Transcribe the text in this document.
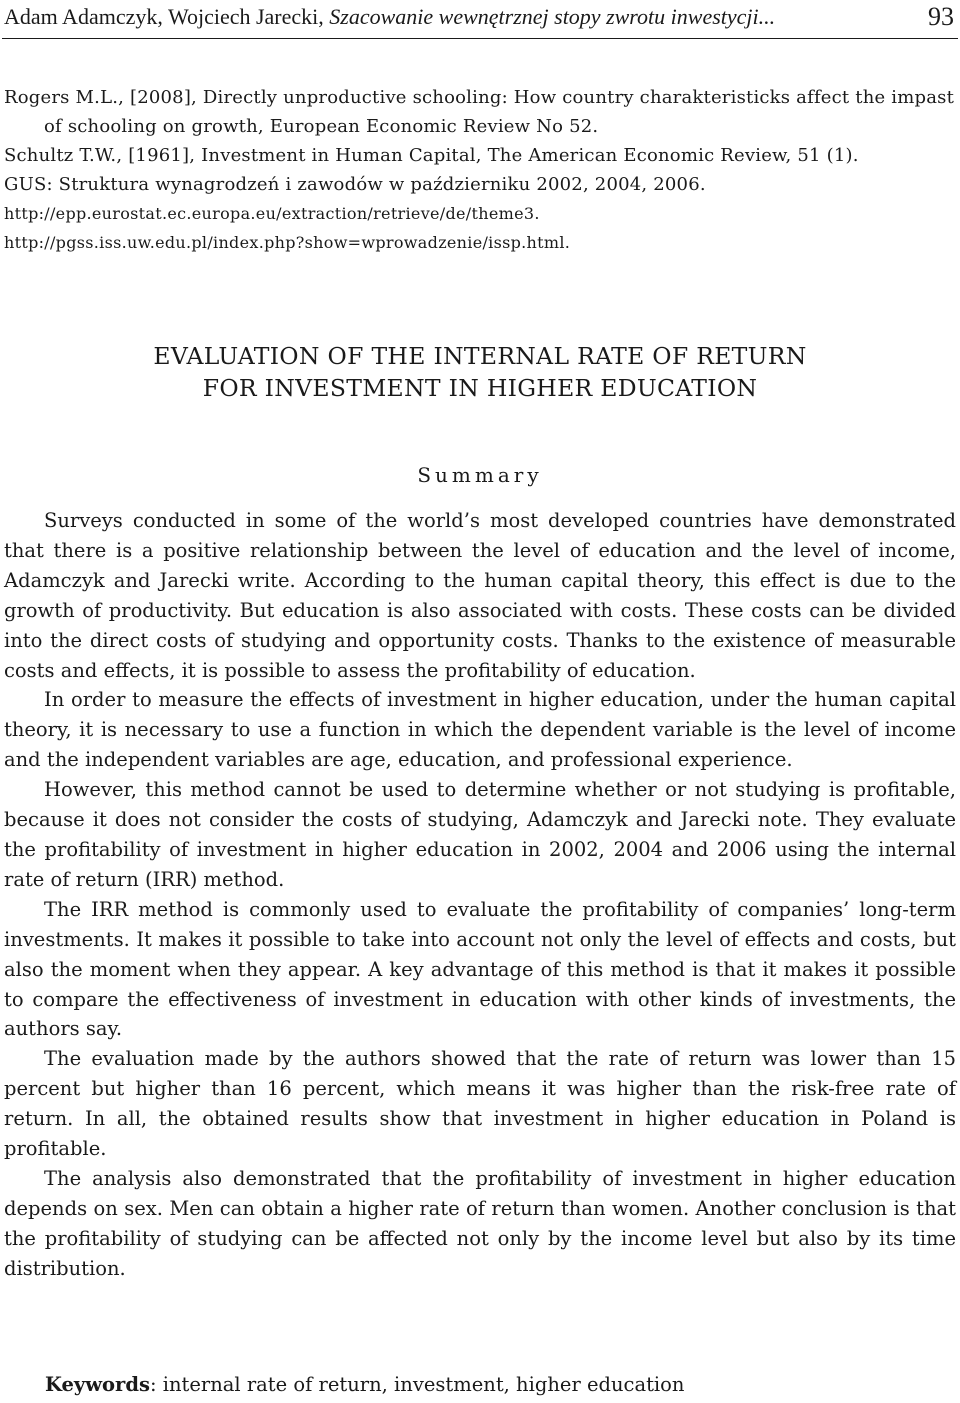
Adam Adamczyk, Wojciech Jarecki, Szacowanie wewnętrznej stopy zwrotu inwestycji...	93

Rogers M.L., [2008], Directly unproductive schooling: How country charakteristicks affect the impast of schooling on growth, European Economic Review No 52.

Schultz T.W., [1961], Investment in Human Capital, The American Economic Review, 51 (1).

GUS: Struktura wynagrodzeń i zawodów w październiku 2002, 2004, 2006.

http://epp.eurostat.ec.europa.eu/extraction/retrieve/de/theme3.

http://pgss.iss.uw.edu.pl/index.php?show=wprowadzenie/issp.html.

EVALUATION OF THE INTERNAL RATE OF RETURN
FOR INVESTMENT IN HIGHER EDUCATION
Summary

Surveys conducted in some of the world’s most developed countries have demonstrated that there is a positive relationship between the level of education and the level of income, Adamczyk and Jarecki write. According to the human capital theory, this effect is due to the growth of productivity. But education is also associated with costs. These costs can be divided into the direct costs of studying and opportunity costs. Thanks to the existence of measurable costs and effects, it is possible to assess the profitability of education.

In order to measure the effects of investment in higher education, under the human capital theory, it is necessary to use a function in which the dependent variable is the level of income and the independent variables are age, education, and professional experience.

However, this method cannot be used to determine whether or not studying is profitable, because it does not consider the costs of studying, Adamczyk and Jarecki note. They evaluate the profitability of investment in higher education in 2002, 2004 and 2006 using the internal rate of return (IRR) method.

The IRR method is commonly used to evaluate the profitability of companies’ long-term investments. It makes it possible to take into account not only the level of effects and costs, but also the moment when they appear. A key advantage of this method is that it makes it possible to compare the effectiveness of investment in education with other kinds of investments, the authors say.

The evaluation made by the authors showed that the rate of return was lower than 15 percent but higher than 16 percent, which means it was higher than the risk-free rate of return. In all, the obtained results show that investment in higher education in Poland is profitable.

The analysis also demonstrated that the profitability of investment in higher education depends on sex. Men can obtain a higher rate of return than women. Another conclusion is that the profitability of studying can be affected not only by the income level but also by its time distribution.

Keywords: internal rate of return, investment, higher education
